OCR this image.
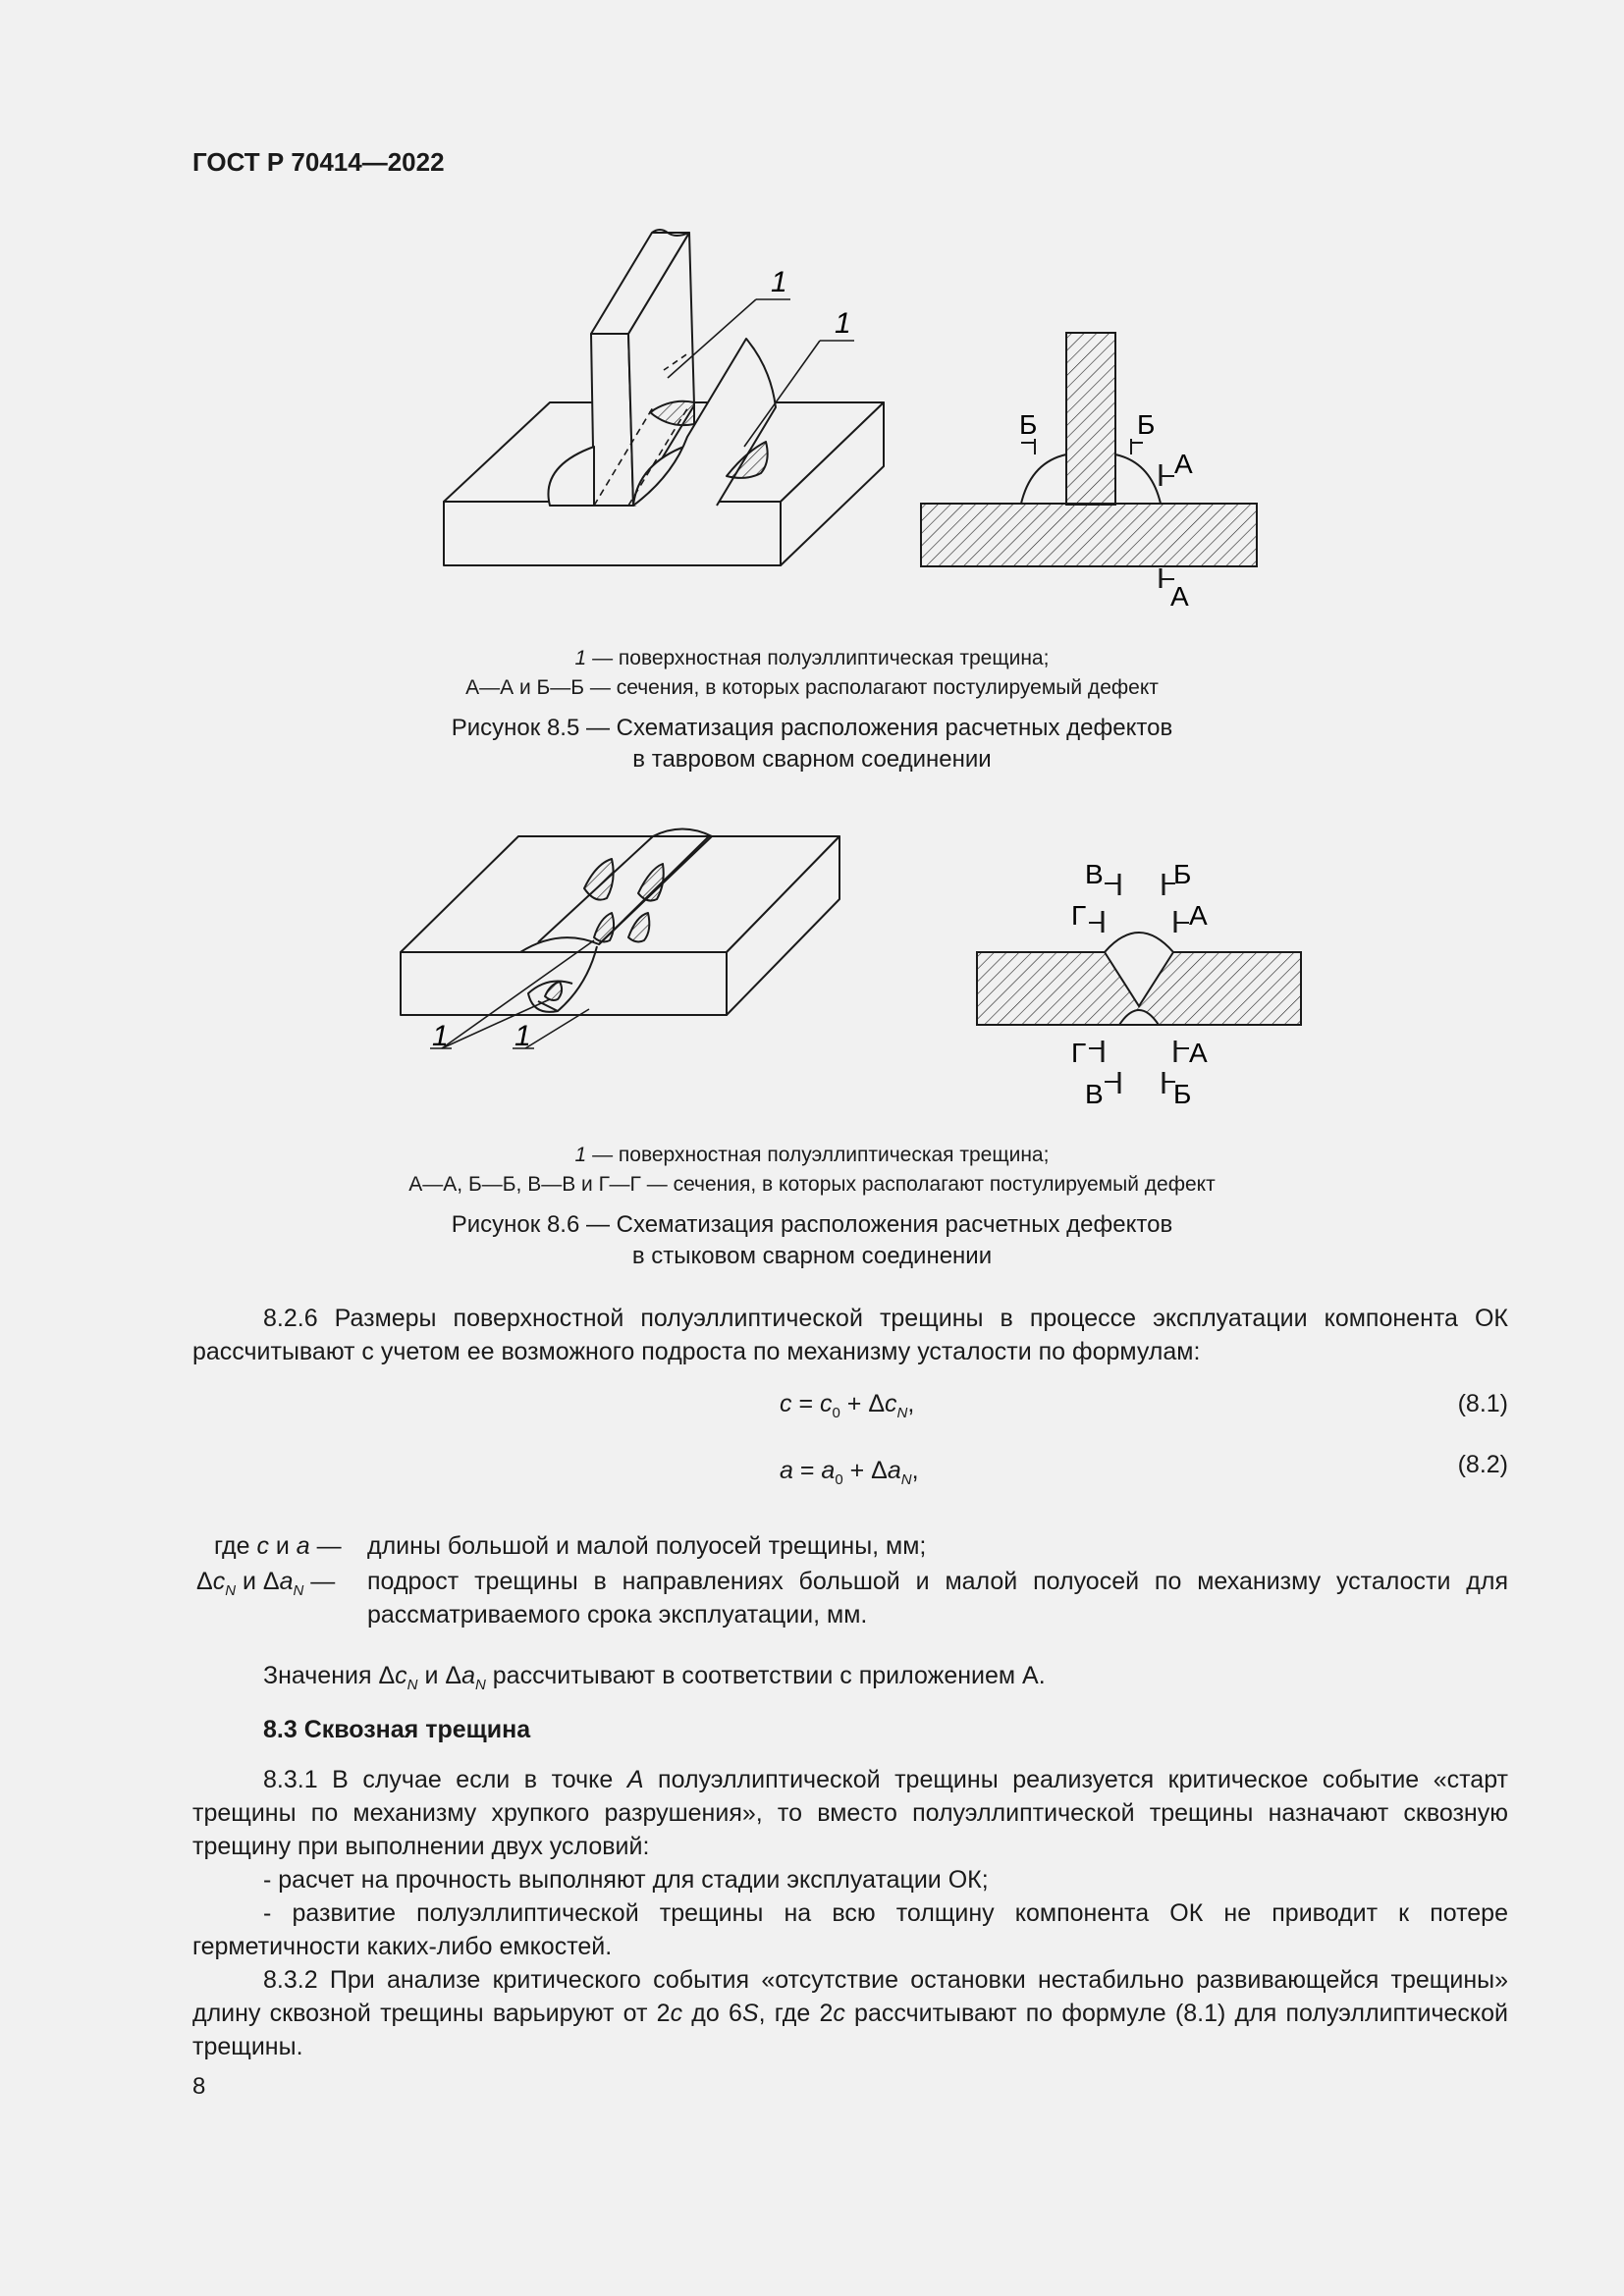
ГОСТ Р 70414—2022
1
1
Б	Б
А
А
1 — поверхностная полуэллиптическая трещина;
А—А и Б—Б — сечения, в которых располагают постулируемый дефект
Рисунок 8.5 — Схематизация расположения расчетных дефектов
в тавровом сварном соединении
1 1
В	Б
Г	А
Г	А
В	Б
1 — поверхностная полуэллиптическая трещина;
А—А, Б—Б, В—В и Г—Г — сечения, в которых располагают постулируемый дефект
Рисунок 8.6 — Схематизация расположения расчетных дефектов
в стыковом сварном соединении

8.2.6 Размеры поверхностной полуэллиптической трещины в процессе эксплуатации компонента ОК рассчитывают с учетом ее возможного подроста по механизму усталости по формулам:

$c = c_0 + \Delta c_N$,	(8.1)
$a = a_0 + \Delta a_N$,	(8.2)
где c и a — длины большой и малой полуосей трещины, мм;
$\Delta c_N$ и $\Delta a_N$ — подрост трещины в направлениях большой и малой полуосей по механизму усталости для рассматриваемого срока эксплуатации, мм.
Значения $\Delta c_N$ и $\Delta a_N$ рассчитывают в соответствии с приложением А.
8.3 Сквозная трещина

8.3.1 В случае если в точке А полуэллиптической трещины реализуется критическое событие «старт трещины по механизму хрупкого разрушения», то вместо полуэллиптической трещины назначают сквозную трещину при выполнении двух условий:

- расчет на прочность выполняют для стадии эксплуатации ОК;

- развитие полуэллиптической трещины на всю толщину компонента ОК не приводит к потере герметичности каких-либо емкостей.

8.3.2 При анализе критического события «отсутствие остановки нестабильно развивающейся трещины» длину сквозной трещины варьируют от 2c до 6S, где 2c рассчитывают по формуле (8.1) для полуэллиптической трещины.

8
